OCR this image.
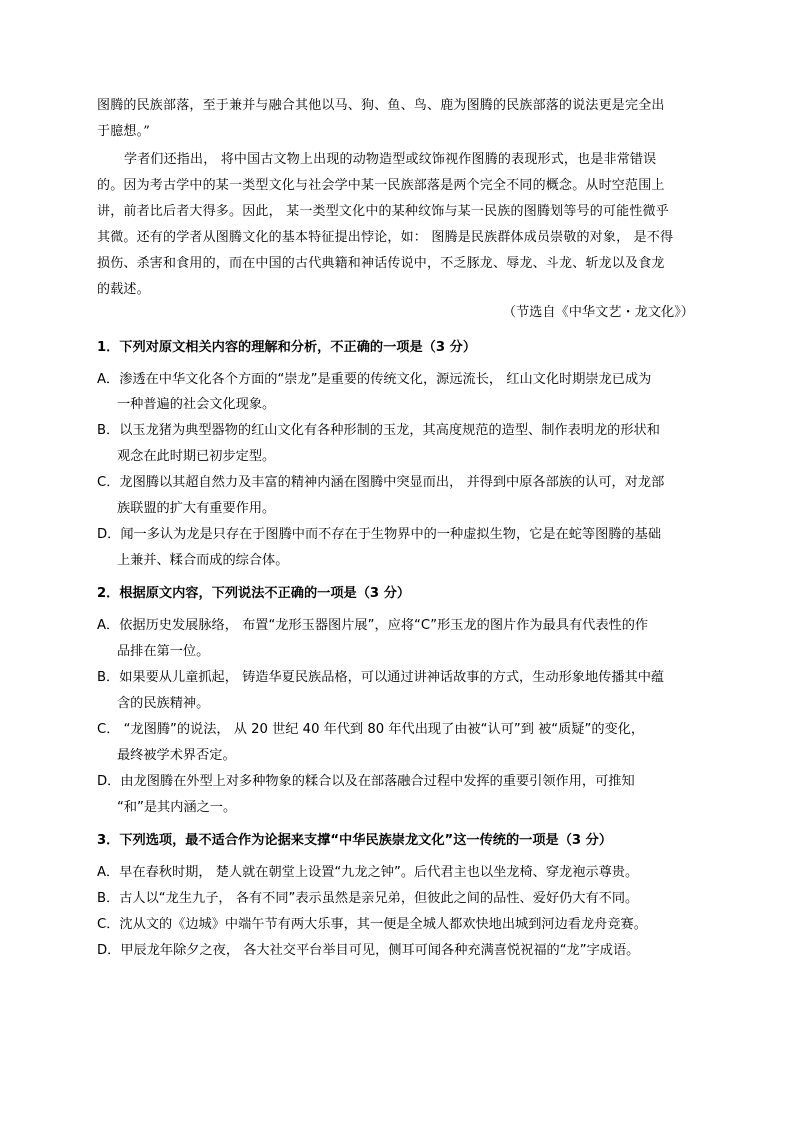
图腾的民族部落，至于兼并与融合其他以马、狗、鱼、鸟、鹿为图腾的民族部落的说法更是完全出
于臆想。”
学者们还指出， 将中国古文物上出现的动物造型或纹饰视作图腾的表现形式，也是非常错误
的。因为考古学中的某一类型文化与社会学中某一民族部落是两个完全不同的概念。从时空范围上
讲，前者比后者大得多。因此， 某一类型文化中的某种纹饰与某一民族的图腾划等号的可能性微乎
其微。还有的学者从图腾文化的基本特征提出悖论，如： 图腾是民族群体成员崇敬的对象， 是不得
损伤、杀害和食用的，而在中国的古代典籍和神话传说中，不乏豚龙、辱龙、斗龙、斩龙以及食龙
的载述。
（节选自《中华文艺・龙文化》）
1．下列对原文相关内容的理解和分析，不正确的一项是（3 分）
A．渗透在中华文化各个方面的“崇龙”是重要的传统文化，源远流长， 红山文化时期崇龙已成为
一种普遍的社会文化现象。
B．以玉龙猪为典型器物的红山文化有各种形制的玉龙，其高度规范的造型、制作表明龙的形状和
观念在此时期已初步定型。
C．龙图腾以其超自然力及丰富的精神内涵在图腾中突显而出， 并得到中原各部族的认可，对龙部
族联盟的扩大有重要作用。
D．闻一多认为龙是只存在于图腾中而不存在于生物界中的一种虚拟生物，它是在蛇等图腾的基础
上兼并、糅合而成的综合体。
2．根据原文内容，下列说法不正确的一项是（3 分）
A．依据历史发展脉络， 布置“龙形玉器图片展”，应将“C”形玉龙的图片作为最具有代表性的作
品排在第一位。
B．如果要从儿童抓起， 铸造华夏民族品格，可以通过讲神话故事的方式，生动形象地传播其中蕴
含的民族精神。
C． “龙图腾”的说法， 从 20 世纪 40 年代到 80 年代出现了由被“认可”到 被“质疑”的变化，
最终被学术界否定。
D．由龙图腾在外型上对多种物象的糅合以及在部落融合过程中发挥的重要引领作用，可推知
“和”是其内涵之一。
3．下列选项，最不适合作为论据来支撑“中华民族崇龙文化”这一传统的一项是（3 分）
A．早在春秋时期， 楚人就在朝堂上设置“九龙之钟”。后代君主也以坐龙椅、穿龙袍示尊贵。
B．古人以“龙生九子， 各有不同”表示虽然是亲兄弟，但彼此之间的品性、爱好仍大有不同。
C．沈从文的《边城》中端午节有两大乐事，其一便是全城人都欢快地出城到河边看龙舟竞赛。
D．甲辰龙年除夕之夜， 各大社交平台举目可见，侧耳可闻各种充满喜悦祝福的“龙”字成语。
